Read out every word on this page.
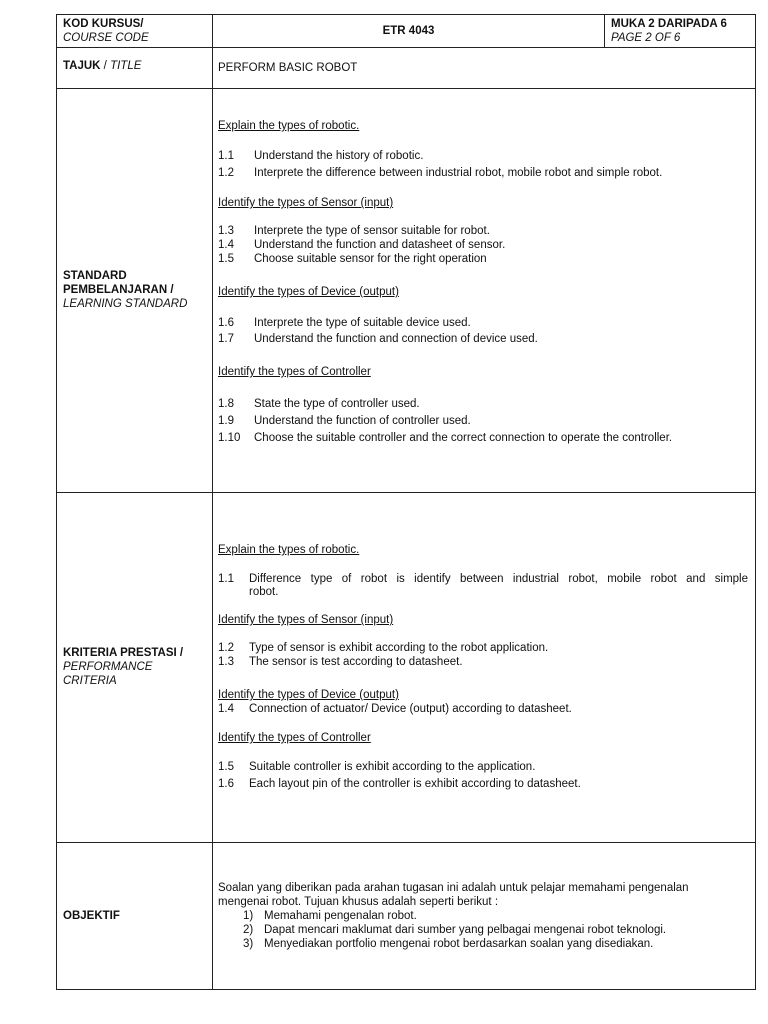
KOD KURSUS/
COURSE CODE
ETR 4043
MUKA 2 DARIPADA 6
PAGE 2 OF 6
TAJUK / TITLE	PERFORM BASIC ROBOT
STANDARD
PEMBELANJARAN /
LEARNING STANDARD
Explain the types of robotic.
1.1 Understand the history of robotic.
1.2 Interprete the difference between industrial robot, mobile robot and simple robot.
Identify the types of Sensor (input)
1.3 Interprete the type of sensor suitable for robot.
1.4 Understand the function and datasheet of sensor.
1.5 Choose suitable sensor for the right operation
Identify the types of Device (output)
1.6 Interprete the type of suitable device used.
1.7 Understand the function and connection of device used.
Identify the types of Controller
1.8 State the type of controller used.
1.9 Understand the function of controller used.
1.10 Choose the suitable controller and the correct connection to operate the controller.
KRITERIA PRESTASI /
PERFORMANCE
CRITERIA
Explain the types of robotic.
1.1 Difference type of robot is identify between industrial robot, mobile robot and simple
robot.
Identify the types of Sensor (input)
1.2 Type of sensor is exhibit according to the robot application.
1.3 The sensor is test according to datasheet.
Identify the types of Device (output)
1.4 Connection of actuator/ Device (output) according to datasheet.
Identify the types of Controller
1.5 Suitable controller is exhibit according to the application.
1.6 Each layout pin of the controller is exhibit according to datasheet.
OBJEKTIF
Soalan yang diberikan pada arahan tugasan ini adalah untuk pelajar memahami pengenalan
mengenai robot. Tujuan khusus adalah seperti berikut :
1) Memahami pengenalan robot.
2) Dapat mencari maklumat dari sumber yang pelbagai mengenai robot teknologi.
3) Menyediakan portfolio mengenai robot berdasarkan soalan yang disediakan.
